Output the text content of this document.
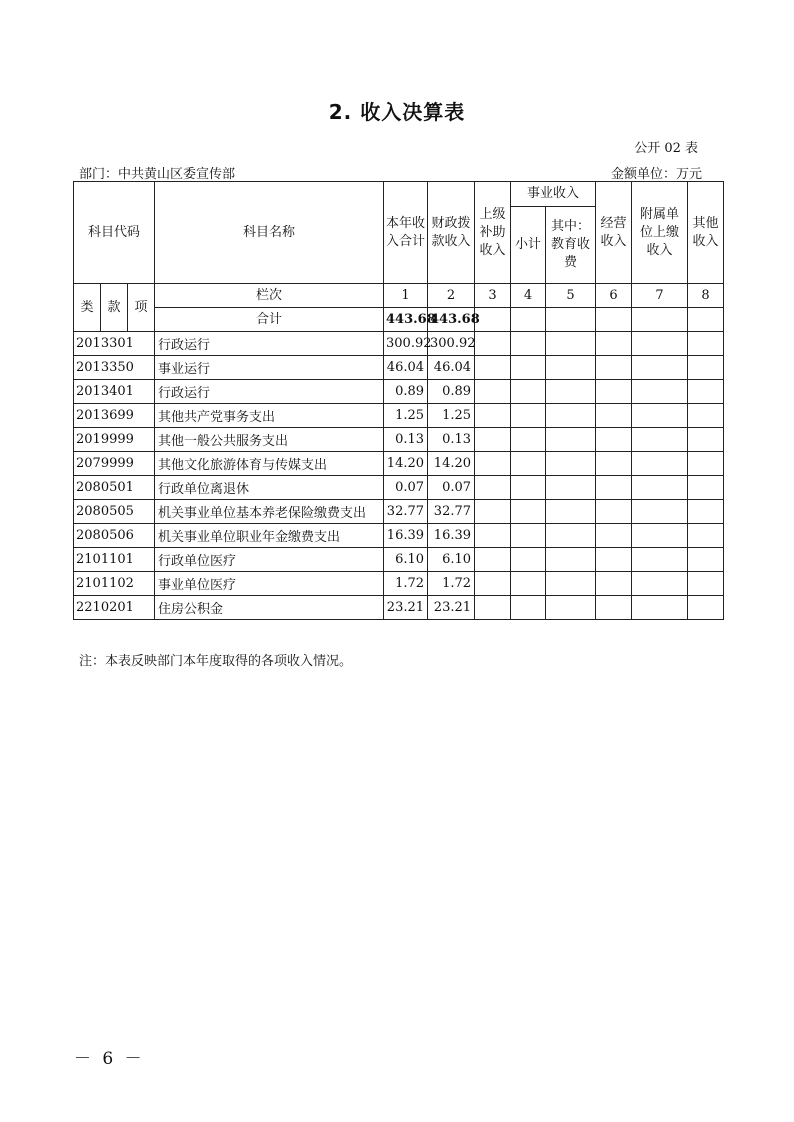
2. 收入决算表
公开 02 表
部门：中共黄山区委宣传部	金额单位：万元
科目代码			科目名称	本年收入合计	财政拨款收入	上级补助收入	事业收入		经营收入	附属单位上缴收入	其他收入
							小计	其中：教育收费			
类	款	项	栏次	1	2	3	4	5	6	7	8
			合计	443.68	443.68						
2013301			行政运行	300.92	300.92						
2013350			事业运行	46.04	46.04						
2013401			行政运行	0.89	0.89						
2013699			其他共产党事务支出	1.25	1.25						
2019999			其他一般公共服务支出	0.13	0.13						
2079999			其他文化旅游体育与传媒支出	14.20	14.20						
2080501			行政单位离退休	0.07	0.07						
2080505			机关事业单位基本养老保险缴费支出	32.77	32.77						
2080506			机关事业单位职业年金缴费支出	16.39	16.39						
2101101			行政单位医疗	6.10	6.10						
2101102			事业单位医疗	1.72	1.72						
2210201			住房公积金	23.21	23.21						
注：本表反映部门本年度取得的各项收入情况。
－ 6 －
